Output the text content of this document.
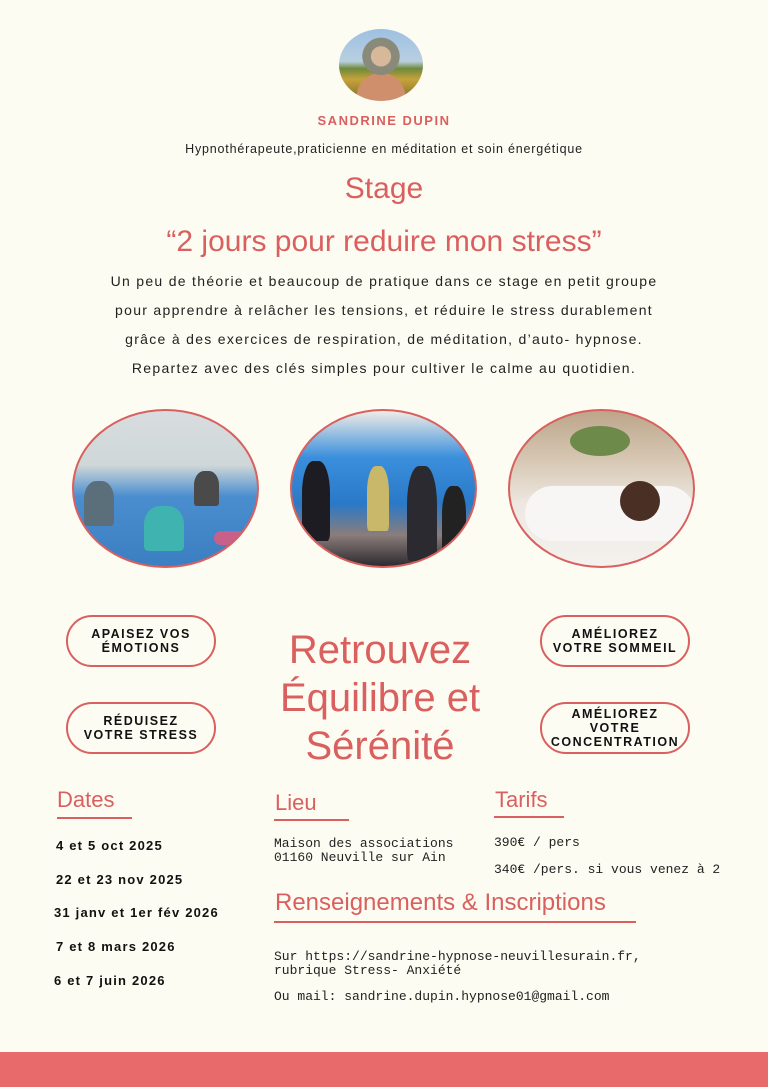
SANDRINE DUPIN
Hypnothérapeute,praticienne en méditation et soin énergétique
Stage
“2 jours pour reduire mon stress”
Un peu de théorie et beaucoup de pratique dans ce stage en petit groupe
pour apprendre à relâcher les tensions, et réduire le stress durablement
grâce à des exercices de respiration, de méditation, d’auto- hypnose.
Repartez avec des clés simples pour cultiver le calme au quotidien.
APAISEZ VOS ÉMOTIONS
RÉDUISEZ VOTRE STRESS
AMÉLIOREZ VOTRE SOMMEIL
AMÉLIOREZ VOTRE CONCENTRATION
Retrouvez
Équilibre et
Sérénité
Dates
4 et 5 oct 2025
22 et 23 nov 2025
31 janv et 1er fév 2026
7 et 8 mars 2026
6 et 7 juin 2026
Lieu
Maison des associations
01160 Neuville sur Ain
Tarifs
390€ / pers
340€ /pers. si vous venez à 2
Renseignements & Inscriptions
Sur https://sandrine-hypnose-neuvillesurain.fr,
rubrique Stress- Anxiété
Ou mail: sandrine.dupin.hypnose01@gmail.com
